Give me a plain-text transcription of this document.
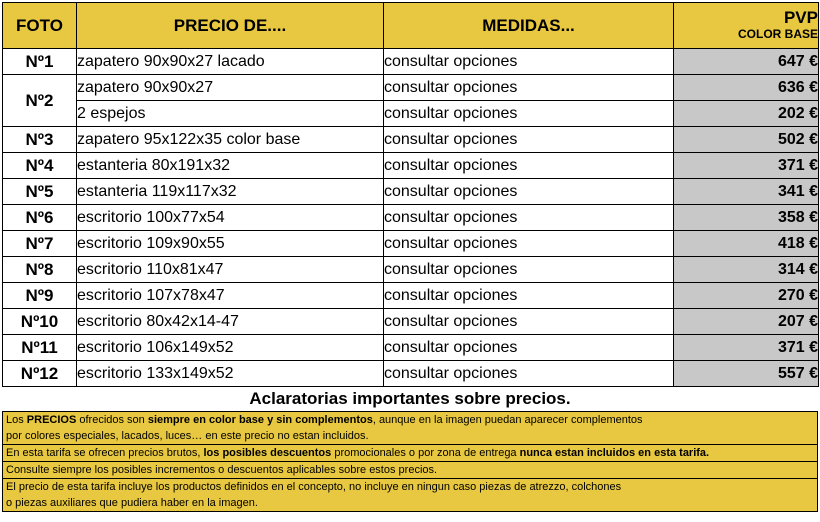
FOTO	PRECIO DE....	MEDIDAS...	PVP
COLOR BASE

Nº1	zapatero 90x90x27 lacado	consultar opciones	647 €
Nº2	zapatero 90x90x27	consultar opciones	636 €
	2 espejos	consultar opciones	202 €
Nº3	zapatero 95x122x35 color base	consultar opciones	502 €
Nº4	estanteria 80x191x32	consultar opciones	371 €
Nº5	estanteria 119x117x32	consultar opciones	341 €
Nº6	escritorio 100x77x54	consultar opciones	358 €
Nº7	escritorio 109x90x55	consultar opciones	418 €
Nº8	escritorio 110x81x47	consultar opciones	314 €
Nº9	escritorio 107x78x47	consultar opciones	270 €
Nº10	escritorio 80x42x14-47	consultar opciones	207 €
Nº11	escritorio 106x149x52	consultar opciones	371 €
Nº12	escritorio 133x149x52	consultar opciones	557 €
Aclaratorias importantes sobre precios.
Los PRECIOS ofrecidos son siempre en color base y sin complementos, aunque en la imagen puedan aparecer complementos
por colores especiales, lacados, luces… en este precio no estan incluidos.
En esta tarifa se ofrecen precios brutos, los posibles descuentos promocionales o por zona de entrega nunca estan incluidos en esta tarifa.
Consulte siempre los posibles incrementos o descuentos aplicables sobre estos precios.
El precio de esta tarifa incluye los productos definidos en el concepto, no incluye en ningun caso piezas de atrezzo, colchones
o piezas auxiliares que pudiera haber en la imagen.
